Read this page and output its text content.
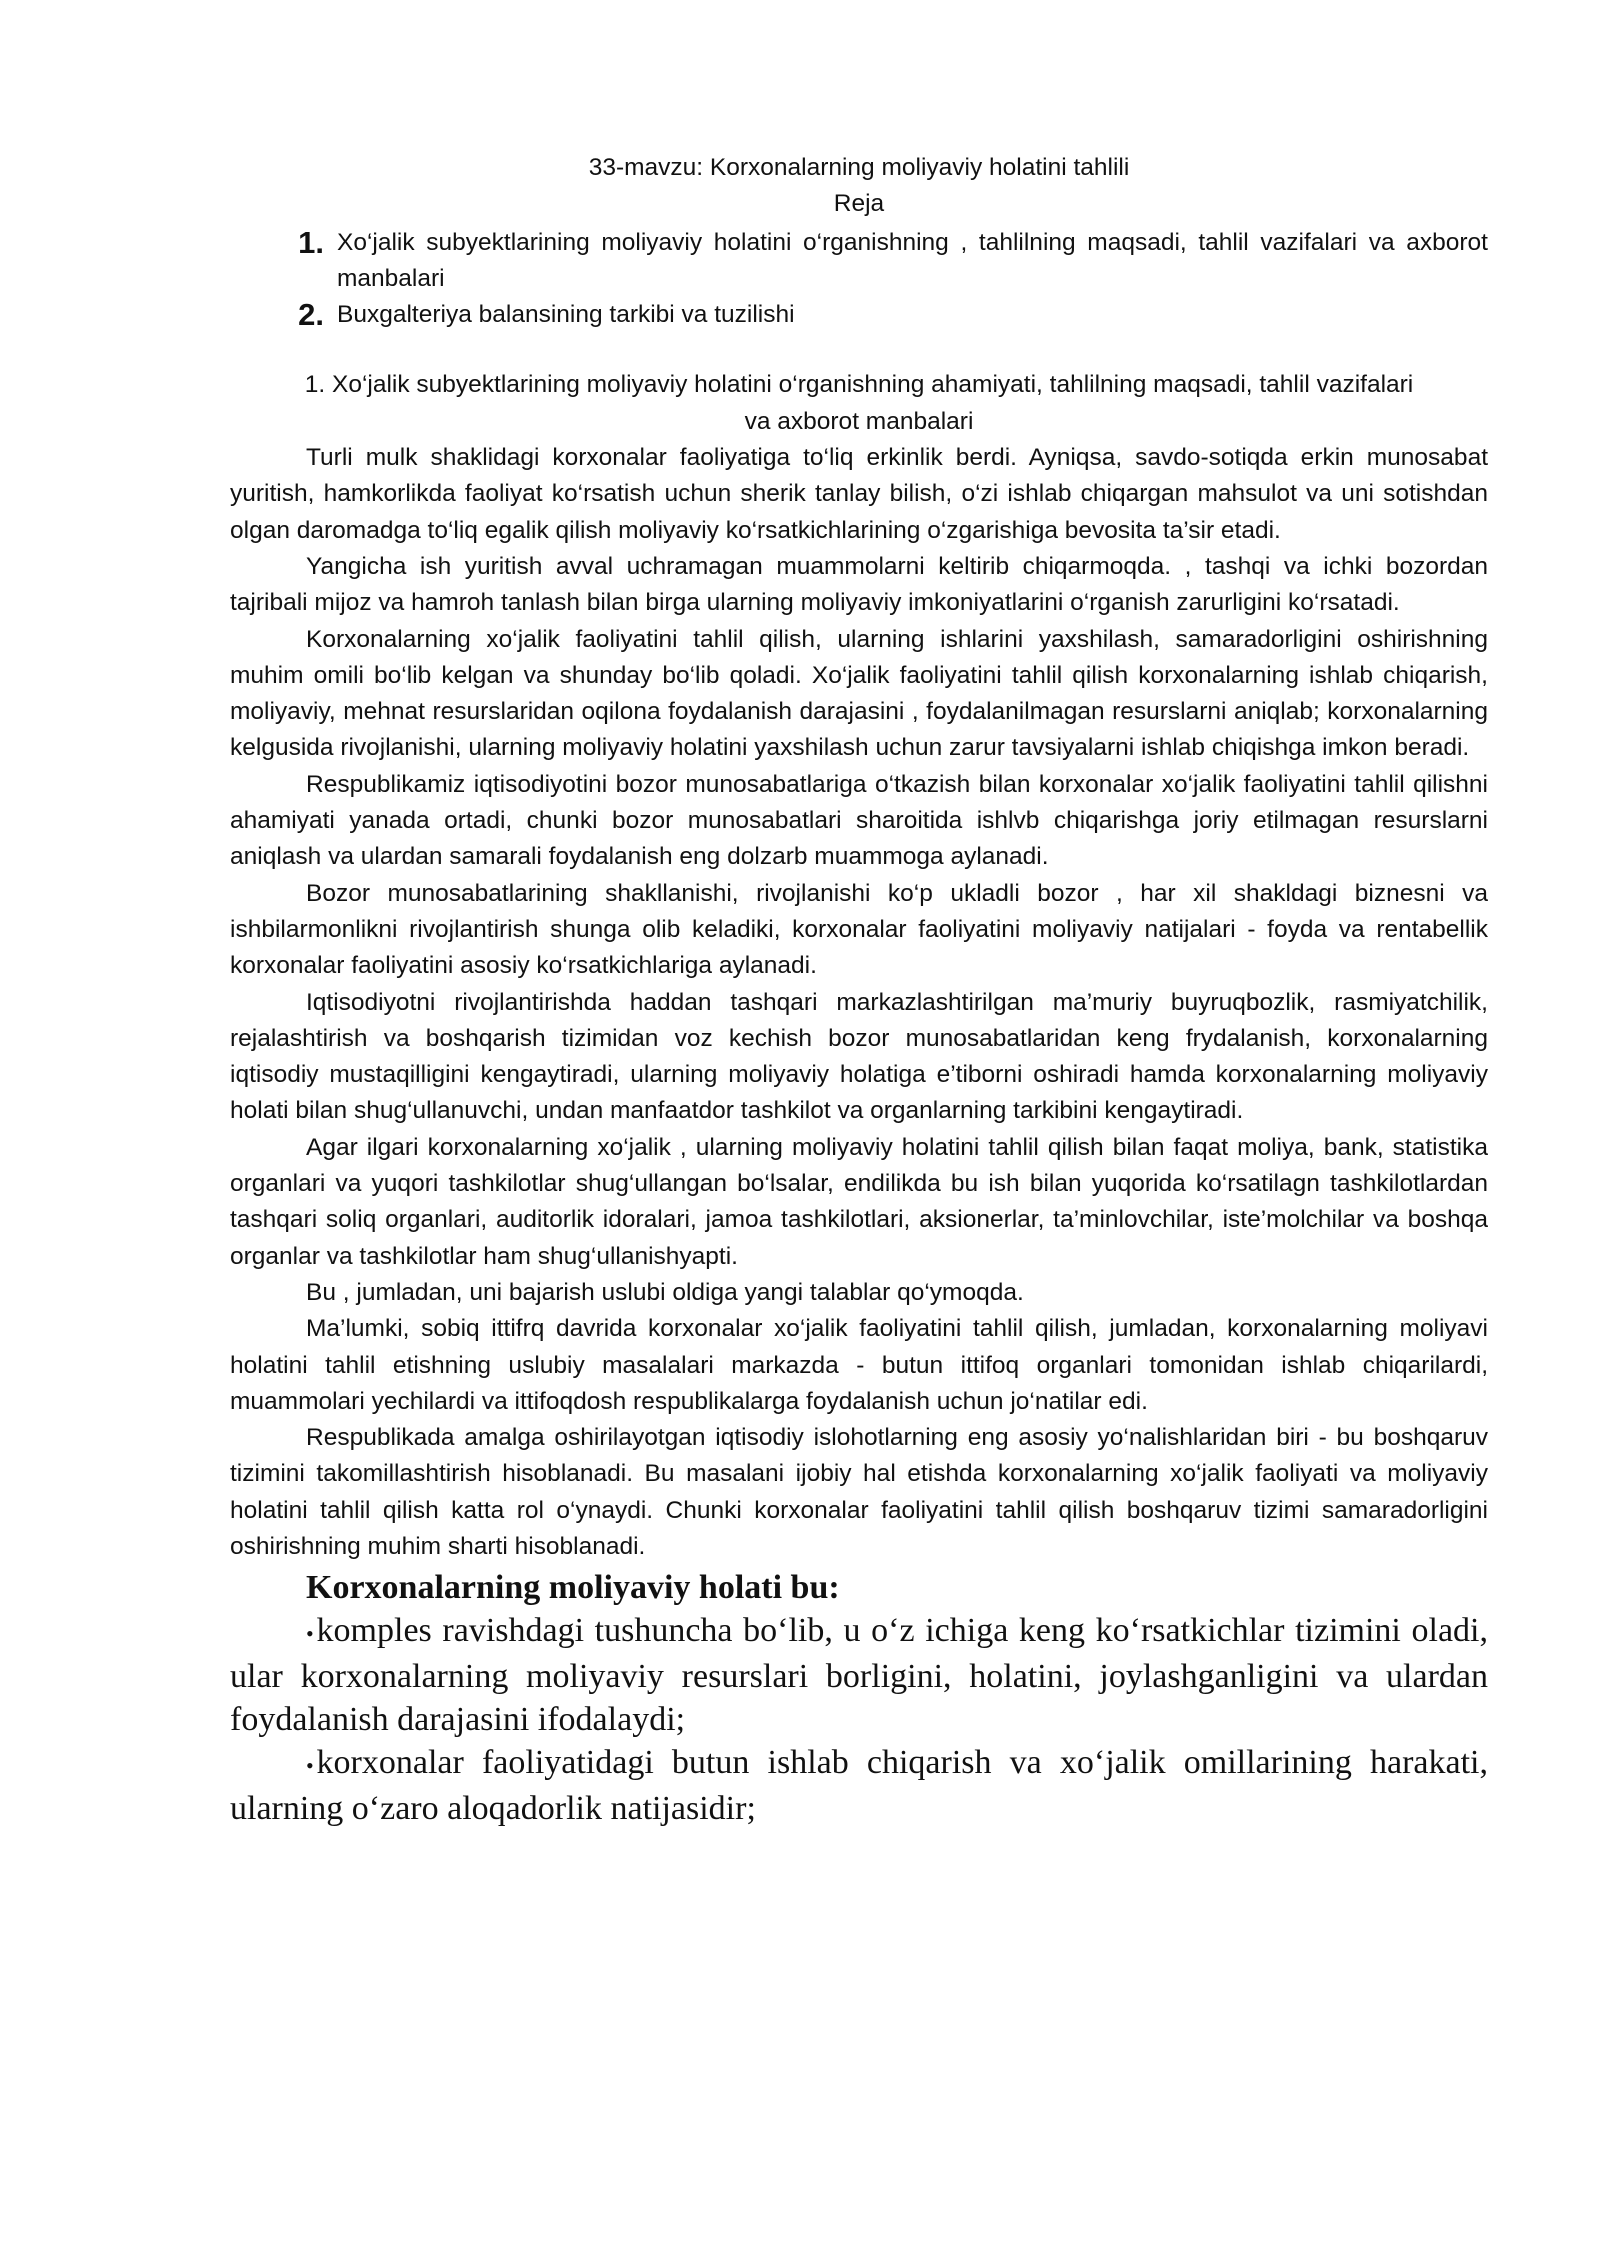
33-mavzu: Korxonalarning moliyaviy holatini tahlili
Reja
1. Xo‘jalik subyektlarining moliyaviy holatini o‘rganishning , tahlilning maqsadi, tahlil vazifalari va axborot manbalari
2. Buxgalteriya balansining tarkibi va tuzilishi
1. Xo‘jalik subyektlarining moliyaviy holatini o‘rganishning ahamiyati, tahlilning maqsadi, tahlil vazifalari
va axborot manbalari

Turli mulk shaklidagi korxonalar faoliyatiga to‘liq erkinlik berdi. Ayniqsa, savdo-sotiqda erkin munosabat yuritish, hamkorlikda faoliyat ko‘rsatish uchun sherik tanlay bilish, o‘zi ishlab chiqargan mahsulot va uni sotishdan olgan daromadga to‘liq egalik qilish moliyaviy ko‘rsatkichlarining o‘zgarishiga bevosita ta’sir etadi.

Yangicha ish yuritish avval uchramagan muammolarni keltirib chiqarmoqda. , tashqi va ichki bozordan tajribali mijoz va hamroh tanlash bilan birga ularning moliyaviy imkoniyatlarini o‘rganish zarurligini ko‘rsatadi.

Korxonalarning xo‘jalik faoliyatini tahlil qilish, ularning ishlarini yaxshilash, samaradorligini oshirishning muhim omili bo‘lib kelgan va shunday bo‘lib qoladi. Xo‘jalik faoliyatini tahlil qilish korxonalarning ishlab chiqarish, moliyaviy, mehnat resurslaridan oqilona foydalanish darajasini , foydalanilmagan resurslarni aniqlab; korxonalarning kelgusida rivojlanishi, ularning moliyaviy holatini yaxshilash uchun zarur tavsiyalarni ishlab chiqishga imkon beradi.

Respublikamiz iqtisodiyotini bozor munosabatlariga o‘tkazish bilan korxonalar xo‘jalik faoliyatini tahlil qilishni ahamiyati yanada ortadi, chunki bozor munosabatlari sharoitida ishlvb chiqarishga joriy etilmagan resurslarni aniqlash va ulardan samarali foydalanish eng dolzarb muammoga aylanadi.

Bozor munosabatlarining shakllanishi, rivojlanishi ko‘p ukladli bozor , har xil shakldagi biznesni va ishbilarmonlikni rivojlantirish shunga olib keladiki, korxonalar faoliyatini moliyaviy natijalari - foyda va rentabellik korxonalar faoliyatini asosiy ko‘rsatkichlariga aylanadi.

Iqtisodiyotni rivojlantirishda haddan tashqari markazlashtirilgan ma’muriy buyruqbozlik, rasmiyatchilik, rejalashtirish va boshqarish tizimidan voz kechish bozor munosabatlaridan keng frydalanish, korxonalarning iqtisodiy mustaqilligini kengaytiradi, ularning moliyaviy holatiga e’tiborni oshiradi hamda korxonalarning moliyaviy holati bilan shug‘ullanuvchi, undan manfaatdor tashkilot va organlarning tarkibini kengaytiradi.

Agar ilgari korxonalarning xo‘jalik , ularning moliyaviy holatini tahlil qilish bilan faqat moliya, bank, statistika organlari va yuqori tashkilotlar shug‘ullangan bo‘lsalar, endilikda bu ish bilan yuqorida ko‘rsatilagn tashkilotlardan tashqari soliq organlari, auditorlik idoralari, jamoa tashkilotlari, aksionerlar, ta’minlovchilar, iste’molchilar va boshqa organlar va tashkilotlar ham shug‘ullanishyapti.

Bu , jumladan, uni bajarish uslubi oldiga yangi talablar qo‘ymoqda.

Ma’lumki, sobiq ittifrq davrida korxonalar xo‘jalik faoliyatini tahlil qilish, jumladan, korxonalarning moliyavi holatini tahlil etishning uslubiy masalalari markazda - butun ittifoq organlari tomonidan ishlab chiqarilardi, muammolari yechilardi va ittifoqdosh respublikalarga foydalanish uchun jo‘natilar edi.

Respublikada amalga oshirilayotgan iqtisodiy islohotlarning eng asosiy yo‘nalishlaridan biri - bu boshqaruv tizimini takomillashtirish hisoblanadi. Bu masalani ijobiy hal etishda korxonalarning xo‘jalik faoliyati va moliyaviy holatini tahlil qilish katta rol o‘ynaydi. Chunki korxonalar faoliyatini tahlil qilish boshqaruv tizimi samaradorligini oshirishning muhim sharti hisoblanadi.

Korxonalarning moliyaviy holati bu:

• komples ravishdagi tushuncha bo‘lib, u o‘z ichiga keng ko‘rsatkichlar tizimini oladi, ular korxonalarning moliyaviy resurslari borligini, holatini, joylashganligini va ulardan foydalanish darajasini ifodalaydi;

• korxonalar faoliyatidagi butun ishlab chiqarish va xo‘jalik omillarining harakati, ularning o‘zaro aloqadorlik natijasidir;
